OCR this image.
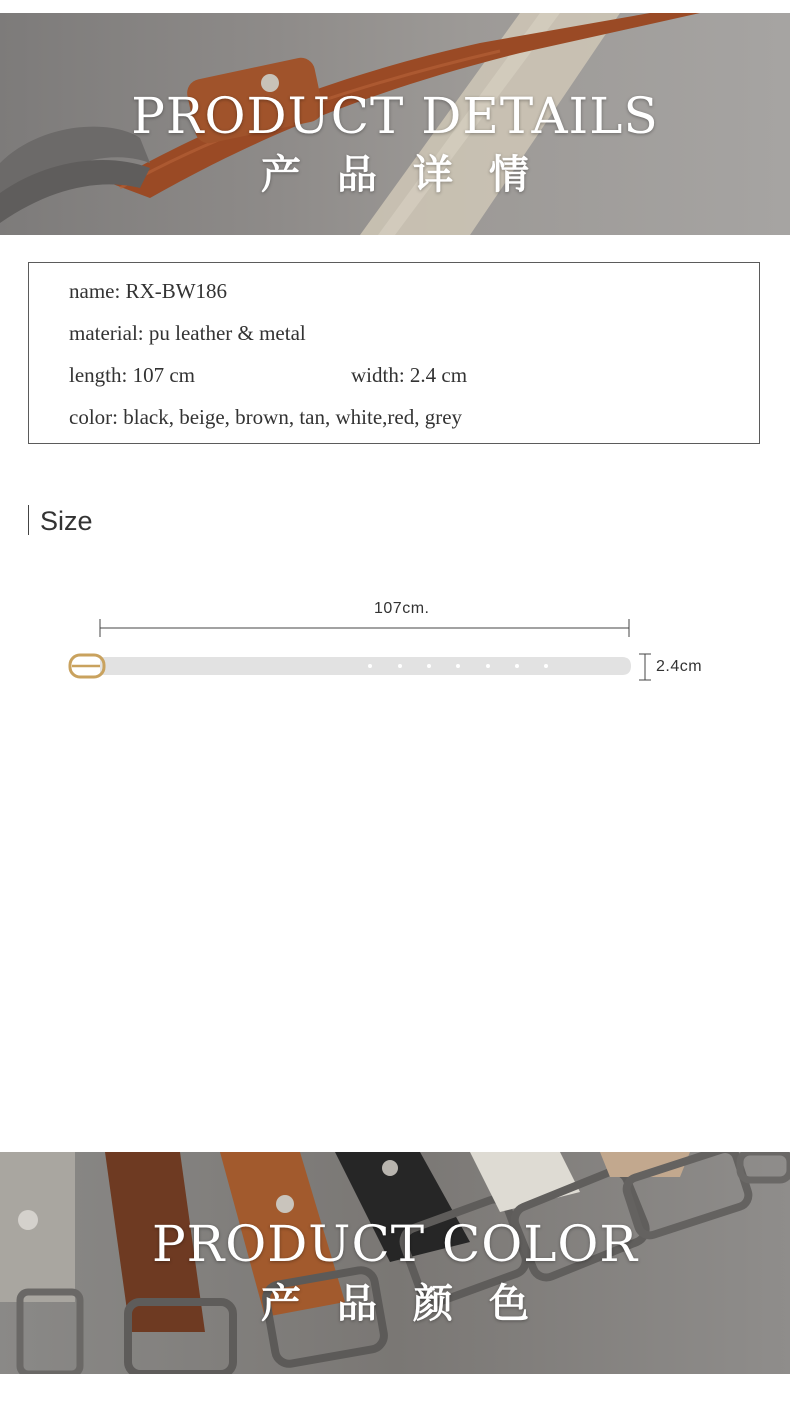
PRODUCT DETAILS
产品详情
name: RX-BW186
material: pu leather & metal
length: 107 cm	width: 2.4 cm
color: black, beige, brown, tan, white,red, grey
Size
107cm.
2.4cm
PRODUCT COLOR
产品颜色
